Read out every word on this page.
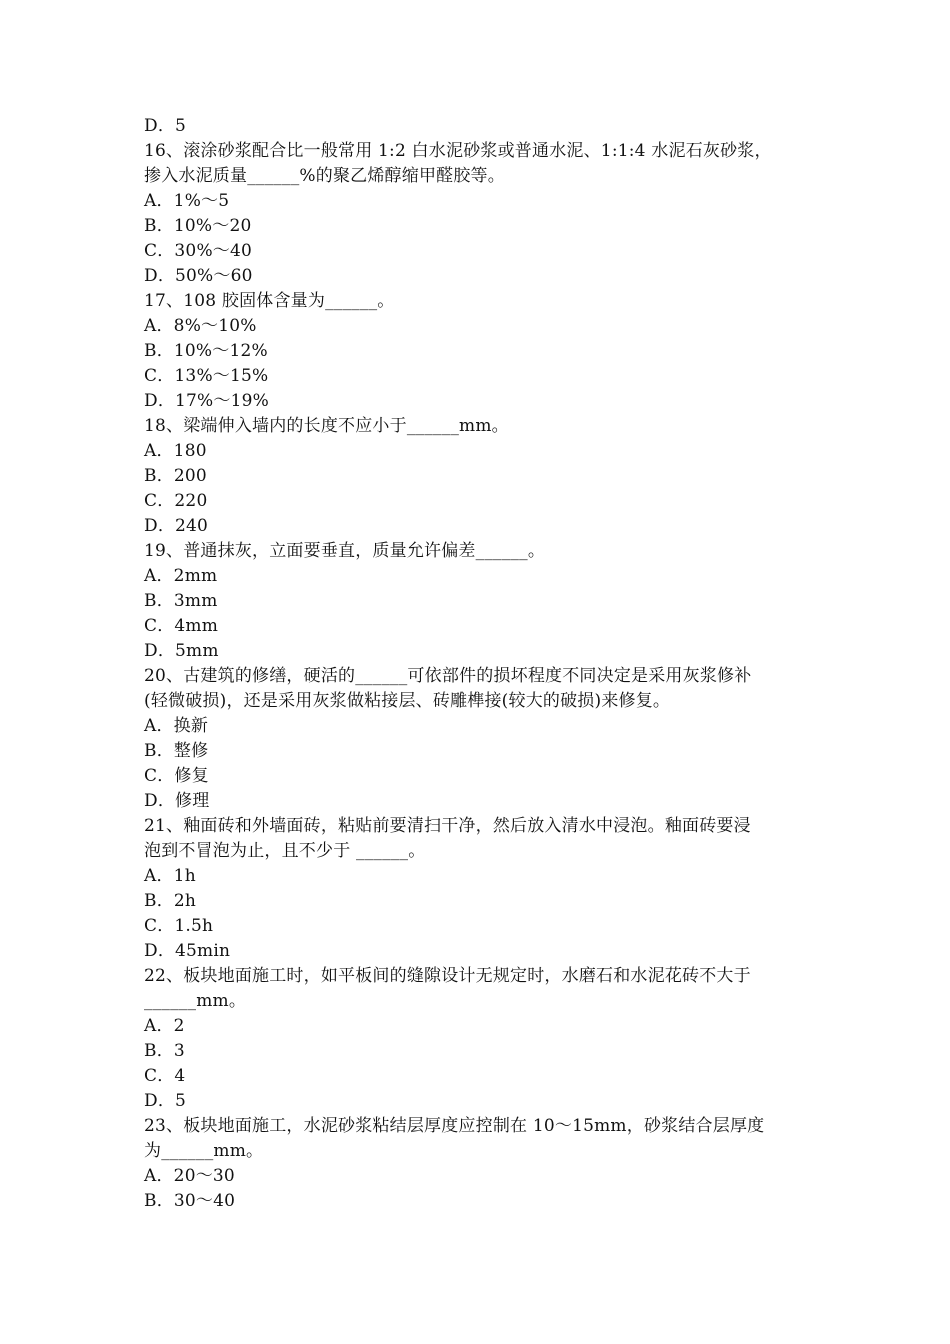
D．5
16、滚涂砂浆配合比一般常用 1:2 白水泥砂浆或普通水泥、1:1:4 水泥石灰砂浆，
掺入水泥质量______%的聚乙烯醇缩甲醛胶等。
A．1%～5
B．10%～20
C．30%～40
D．50%～60
17、108 胶固体含量为______。
A．8%～10%
B．10%～12%
C．13%～15%
D．17%～19%
18、梁端伸入墙内的长度不应小于______mm。
A．180
B．200
C．220
D．240
19、普通抹灰，立面要垂直，质量允许偏差______。
A．2mm
B．3mm
C．4mm
D．5mm
20、古建筑的修缮，硬活的______可依部件的损坏程度不同决定是采用灰浆修补
(轻微破损)，还是采用灰浆做粘接层、砖雕榫接(较大的破损)来修复。
A．换新
B．整修
C．修复
D．修理
21、釉面砖和外墙面砖，粘贴前要清扫干净，然后放入清水中浸泡。釉面砖要浸
泡到不冒泡为止，且不少于 ______。
A．1h
B．2h
C．1.5h
D．45min
22、板块地面施工时，如平板间的缝隙设计无规定时，水磨石和水泥花砖不大于
______mm。
A．2
B．3
C．4
D．5
23、板块地面施工，水泥砂浆粘结层厚度应控制在 10～15mm，砂浆结合层厚度
为______mm。
A．20～30
B．30～40
